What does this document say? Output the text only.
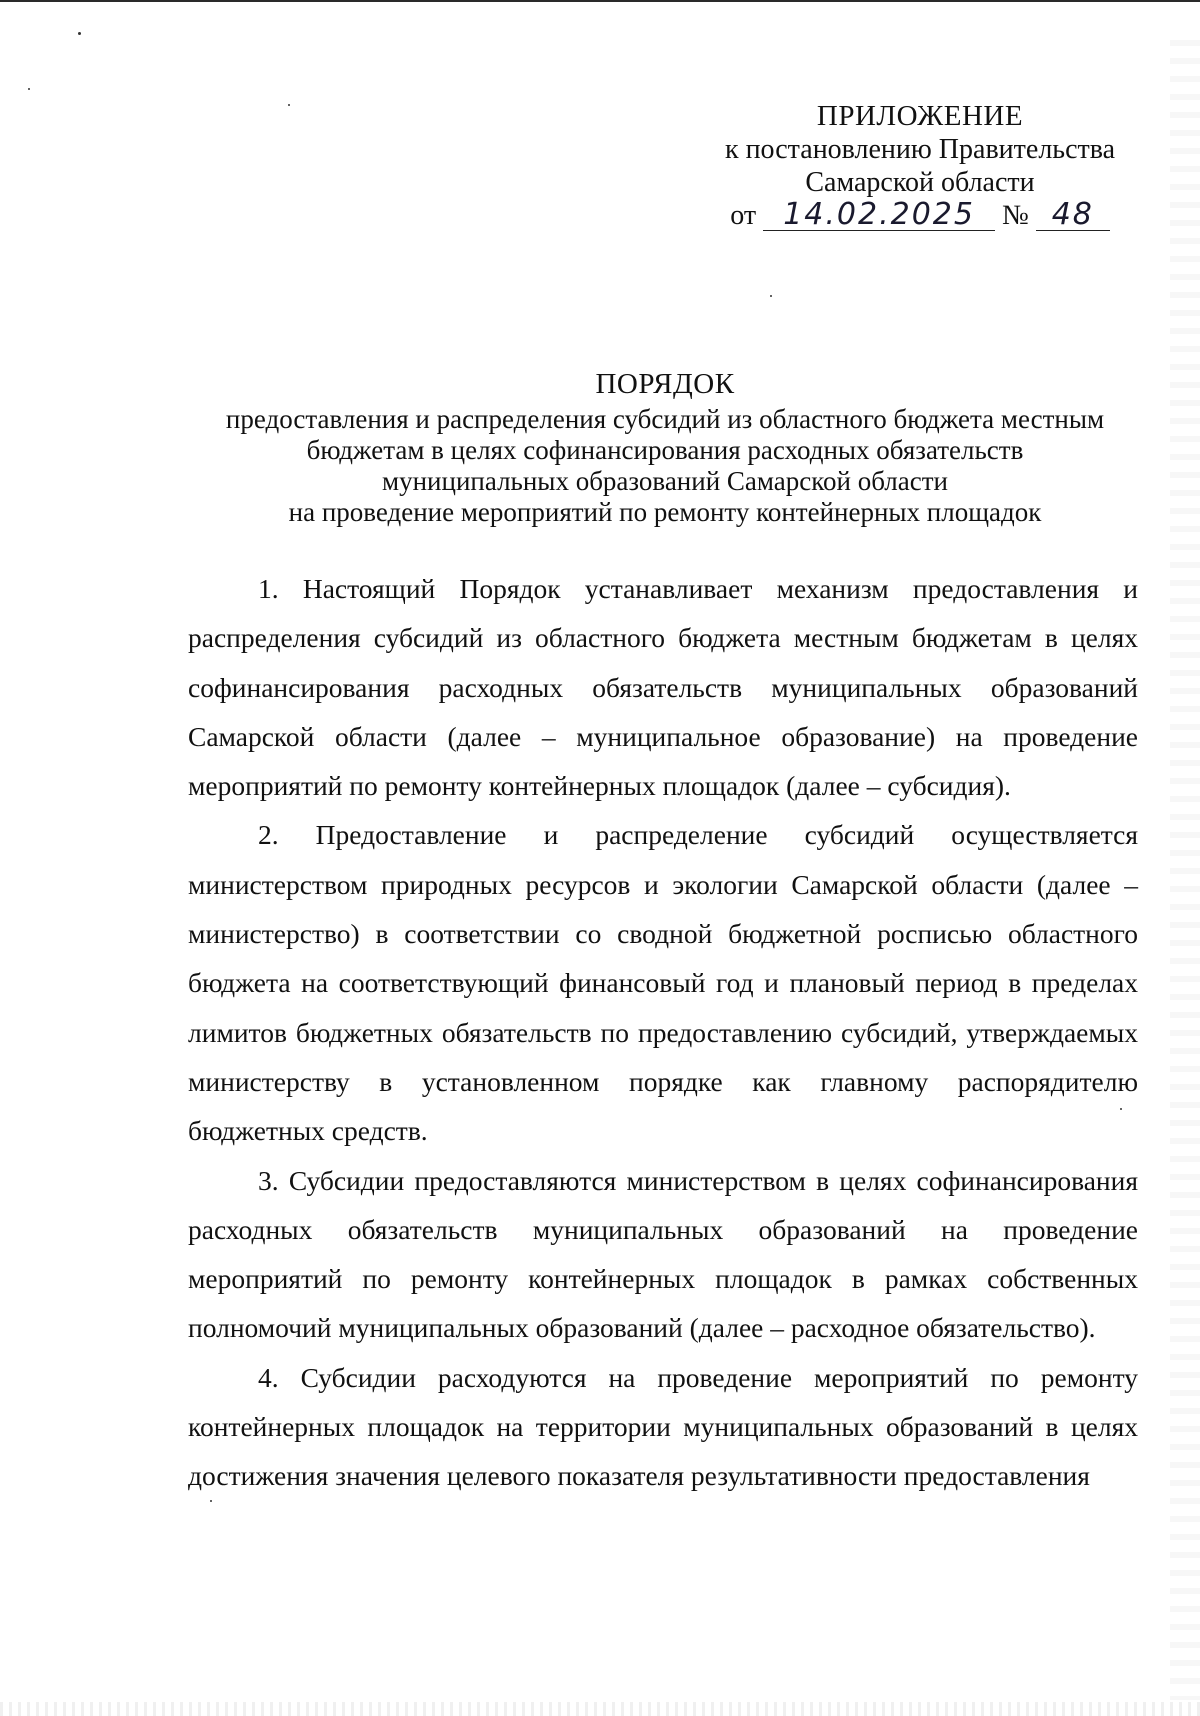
ПРИЛОЖЕНИЕ
к постановлению Правительства
Самарской области
от 14.02.2025 № 48
ПОРЯДОК
предоставления и распределения субсидий из областного бюджета местным
бюджетам в целях софинансирования расходных обязательств
муниципальных образований Самарской области
на проведение мероприятий по ремонту контейнерных площадок

1. Настоящий Порядок устанавливает механизм предоставления и распределения субсидий из областного бюджета местным бюджетам в целях софинансирования расходных обязательств муниципальных образований Самарской области (далее – муниципальное образование) на проведение мероприятий по ремонту контейнерных площадок (далее – субсидия).

2. Предоставление и распределение субсидий осуществляется министерством природных ресурсов и экологии Самарской области (далее – министерство) в соответствии со сводной бюджетной росписью областного бюджета на соответствующий финансовый год и плановый период в пределах лимитов бюджетных обязательств по предоставлению субсидий, утверждаемых министерству в установленном порядке как главному распорядителю бюджетных средств.

3. Субсидии предоставляются министерством в целях софинансирования расходных обязательств муниципальных образований на проведение мероприятий по ремонту контейнерных площадок в рамках собственных полномочий муниципальных образований (далее – расходное обязательство).

4. Субсидии расходуются на проведение мероприятий по ремонту контейнерных площадок на территории муниципальных образований в целях достижения значения целевого показателя результативности предоставления
